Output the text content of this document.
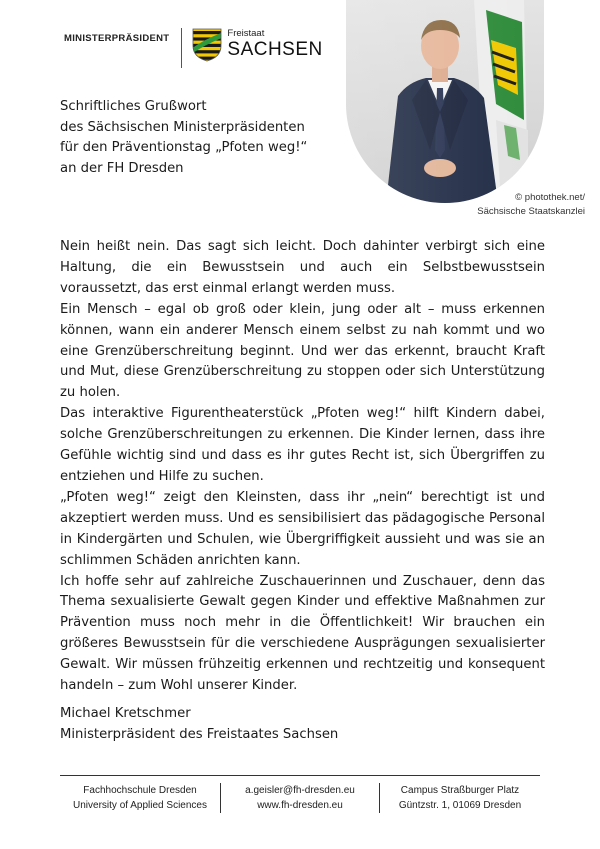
MINISTERPRÄSIDENT	Freistaat
SACHSEN
© photothek.net/
Sächsische Staatskanzlei

Schriftliches Grußwort

des Sächsischen Ministerpräsidenten

für den Präventionstag „Pfoten weg!“

an der FH Dresden

Nein heißt nein. Das sagt sich leicht. Doch dahinter verbirgt sich eine Haltung, die ein Bewusstsein und auch ein Selbstbewusstsein voraussetzt, das erst einmal erlangt werden muss.

Ein Mensch – egal ob groß oder klein, jung oder alt – muss erkennen können, wann ein anderer Mensch einem selbst zu nah kommt und wo eine Grenzüberschreitung beginnt. Und wer das erkennt, braucht Kraft und Mut, diese Grenzüberschreitung zu stoppen oder sich Unterstützung zu holen.

Das interaktive Figurentheaterstück „Pfoten weg!“ hilft Kindern dabei, solche Grenzüberschreitungen zu erkennen. Die Kinder lernen, dass ihre Gefühle wichtig sind und dass es ihr gutes Recht ist, sich Übergriffen zu entziehen und Hilfe zu suchen.

„Pfoten weg!“ zeigt den Kleinsten, dass ihr „nein“ berechtigt ist und akzeptiert werden muss. Und es sensibilisiert das pädagogische Personal in Kindergärten und Schulen, wie Übergriffigkeit aussieht und was sie an schlimmen Schäden anrichten kann.

Ich hoffe sehr auf zahlreiche Zuschauerinnen und Zuschauer, denn das Thema sexualisierte Gewalt gegen Kinder und effektive Maßnahmen zur Prävention muss noch mehr in die Öffentlichkeit! Wir brauchen ein größeres Bewusstsein für die verschiedene Ausprägungen sexualisierter Gewalt. Wir müssen frühzeitig erkennen und rechtzeitig und konsequent handeln – zum Wohl unserer Kinder.

Michael Kretschmer
Ministerpräsident des Freistaates Sachsen
Fachhochschule Dresden
University of Applied Sciences
a.geisler@fh-dresden.eu
www.fh-dresden.eu
Campus Straßburger Platz
Güntzstr. 1, 01069 Dresden
